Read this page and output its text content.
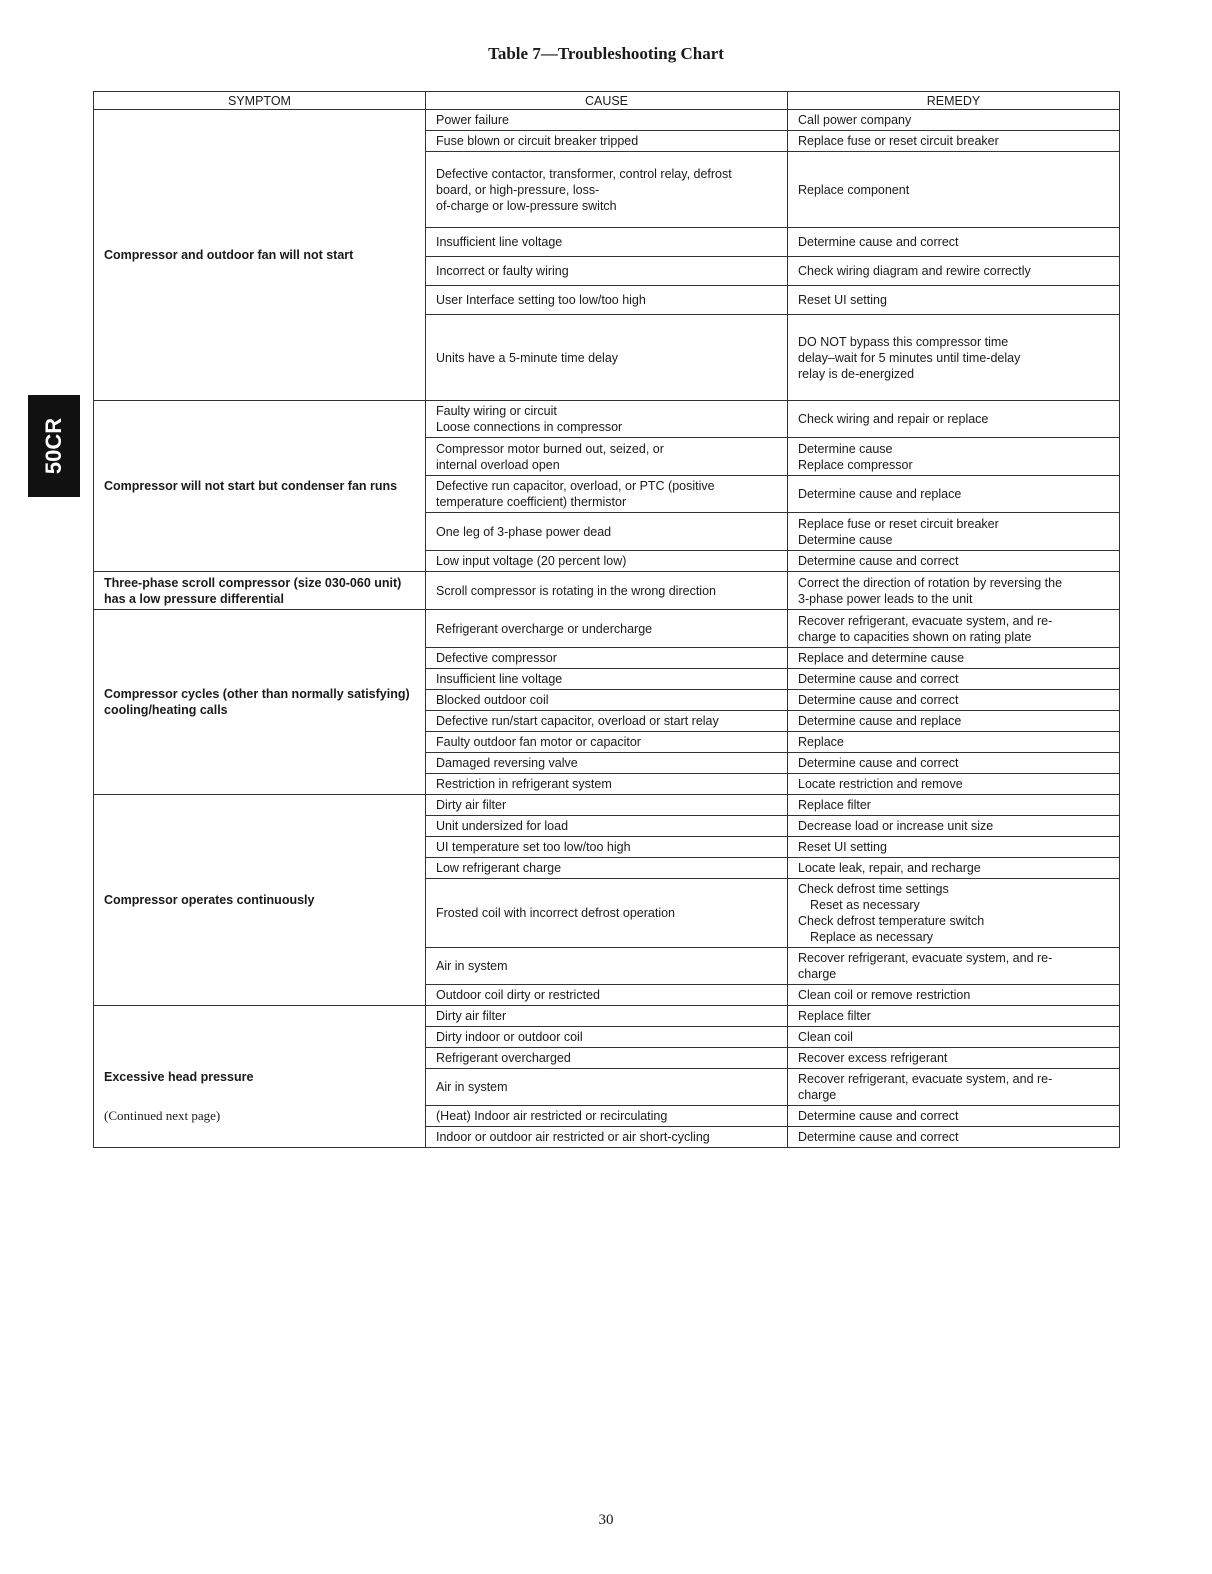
Table 7—Troubleshooting Chart
50CR
SYMPTOM	CAUSE	REMEDY
Compressor and outdoor fan will not start	Power failure	Call power company

	Fuse blown or circuit breaker tripped	Replace fuse or reset circuit breaker

	Defective contactor, transformer, control relay, defrost
board, or high-pressure, loss-
of-charge or low-pressure switch	Replace component

	Insufficient line voltage	Determine cause and correct

	Incorrect or faulty wiring	Check wiring diagram and rewire correctly

	User Interface setting too low/too high	Reset UI setting

	Units have a 5-minute time delay	DO NOT bypass this compressor time
delay–wait for 5 minutes until time-delay
relay is de-energized

Compressor will not start but condenser fan runs	Faulty wiring or circuit
Loose connections in compressor	Check wiring and repair or replace

	Compressor motor burned out, seized, or
internal overload open	Determine cause
Replace compressor

	Defective run capacitor, overload, or PTC (positive
temperature coefficient) thermistor	Determine cause and replace

	One leg of 3-phase power dead	Replace fuse or reset circuit breaker
Determine cause

	Low input voltage (20 percent low)	Determine cause and correct

Three-phase scroll compressor (size 030-060 unit) has a low pressure differential	Scroll compressor is rotating in the wrong direction	Correct the direction of rotation by reversing the
3-phase power leads to the unit

Compressor cycles (other than normally satisfying) cooling/heating calls	Refrigerant overcharge or undercharge	Recover refrigerant, evacuate system, and re-
charge to capacities shown on rating plate

	Defective compressor	Replace and determine cause

	Insufficient line voltage	Determine cause and correct

	Blocked outdoor coil	Determine cause and correct

	Defective run/start capacitor, overload or start relay	Determine cause and replace

	Faulty outdoor fan motor or capacitor	Replace

	Damaged reversing valve	Determine cause and correct

	Restriction in refrigerant system	Locate restriction and remove

Compressor operates continuously	Dirty air filter	Replace filter

	Unit undersized for load	Decrease load or increase unit size

	UI temperature set too low/too high	Reset UI setting

	Low refrigerant charge	Locate leak, repair, and recharge

	Frosted coil with incorrect defrost operation	Check defrost time settings
Reset as necessary
Check defrost temperature switch
Replace as necessary

	Air in system	Recover refrigerant, evacuate system, and re-
charge

	Outdoor coil dirty or restricted	Clean coil or remove restriction

Excessive head pressure	Dirty air filter	Replace filter

	Dirty indoor or outdoor coil	Clean coil

	Refrigerant overcharged	Recover excess refrigerant

	Air in system	Recover refrigerant, evacuate system, and re-
charge

	(Heat) Indoor air restricted or recirculating	Determine cause and correct

	Indoor or outdoor air restricted or air short-cycling	Determine cause and correct
(Continued next page)
30
